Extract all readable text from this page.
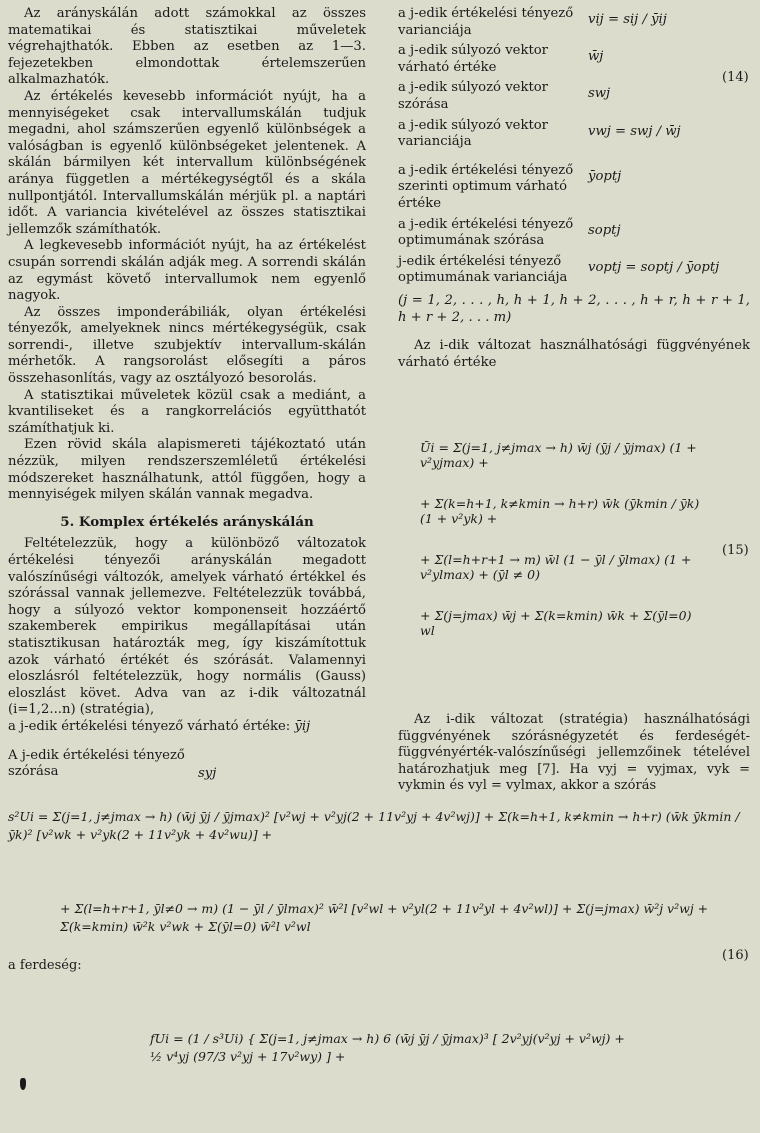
Az arányskálán adott számokkal az összes matematikai és statisztikai műveletek végrehajthatók. Ebben az esetben az 1—3. fejezetekben elmondottak értelemszerűen alkalmazhatók.

Az értékelés kevesebb információt nyújt, ha a mennyiségeket csak intervallumskálán tudjuk megadni, ahol számszerűen egyenlő különbségek a valóságban is egyenlő különbségeket jelentenek. A skálán bármilyen két intervallum különbségének aránya független a mértékegységtől és a skála nullpontjától. Intervallumskálán mérjük pl. a naptári időt. A variancia kivételével az összes statisztikai jellemzők számíthatók.

A legkevesebb információt nyújt, ha az értékelést csupán sorrendi skálán adják meg. A sorrendi skálán az egymást követő intervallumok nem egyenlő nagyok.

Az összes imponderábiliák, olyan értékelési tényezők, amelyeknek nincs mértékegységük, csak sorrendi-, illetve szubjektív intervallum-skálán mérhetők. A rangsorolást elősegíti a páros összehasonlítás, vagy az osztályozó besorolás.

A statisztikai műveletek közül csak a mediánt, a kvantiliseket és a rangkorrelációs együtthatót számíthatjuk ki.

Ezen rövid skála alapismereti tájékoztató után nézzük, milyen rendszerszemléletű értékelési módszereket használhatunk, attól függően, hogy a mennyiségek milyen skálán vannak megadva.

5. Komplex értékelés arányskálán

Feltételezzük, hogy a különböző változatok értékelési tényezői arányskálán megadott valószínűségi változók, amelyek várható értékkel és szórással vannak jellemezve. Feltételezzük továbbá, hogy a súlyozó vektor komponenseit hozzáértő szakemberek empirikus megállapításai után statisztikusan határozták meg, így kiszámítottuk azok várható értékét és szórását. Valamennyi eloszlásról feltételezzük, hogy normális (Gauss) eloszlást követ. Adva van az i-dik változatnál (i=1,2...n) (stratégia),

a j-edik értékelési tényező várható értéke: ȳij

A j-edik értékelési tényező szórása	syj
a j-edik értékelési tényező varianciája
vij = sij / ȳij
a j-edik súlyozó vektor várható értéke
w̄j
a j-edik súlyozó vektor szórása
swj
a j-edik súlyozó vektor varianciája
vwj = swj / w̄j
a j-edik értékelési tényező szerinti optimum várható értéke
ȳoptj
a j-edik értékelési tényező optimumának szórása
soptj
j-edik értékelési tényező optimumának varianciája
voptj = soptj / ȳoptj

(j = 1, 2, . . . , h, h + 1, h + 2, . . . , h + r, h + r + 1, h + r + 2, . . . m)

Az i-dik változat használhatósági függvényének várható értéke

(14)
Ūi = Σ(j=1, j≠jmax → h) w̄j (ȳj / ȳjmax) (1 + v²yjmax) +
+ Σ(k=h+1, k≠kmin → h+r) w̄k (ȳkmin / ȳk) (1 + v²yk) +
+ Σ(l=h+r+1 → m) w̄l (1 − ȳl / ȳlmax) (1 + v²ylmax) + (ȳl ≠ 0)
+ Σ(j=jmax) w̄j + Σ(k=kmin) w̄k + Σ(ȳl=0) wl
(15)

Az i-dik változat (stratégia) használhatósági függvényének szórásnégyzetét és ferdeségét-függvényérték-valószínűségi jellemzőinek tételével határozhatjuk meg [7]. Ha vyj = vyjmax, vyk = vykmin és vyl = vylmax, akkor a szórás

s²Ui = Σ(j=1, j≠jmax → h) (w̄j ȳj / ȳjmax)² [v²wj + v²yj(2 + 11v²yj + 4v²wj)] + Σ(k=h+1, k≠kmin → h+r) (w̄k ȳkmin / ȳk)² [v²wk + v²yk(2 + 11v²yk + 4v²wu)] +
+ Σ(l=h+r+1, ȳl≠0 → m) (1 − ȳl / ȳlmax)² w̄²l [v²wl + v²yl(2 + 11v²yl + 4v²wl)] + Σ(j=jmax) w̄²j v²wj + Σ(k=kmin) w̄²k v²wk + Σ(ȳl=0) w̄²l v²wl
a ferdeség:
(16)
fUi = (1 / s³Ui) { Σ(j=1, j≠jmax → h) 6 (w̄j ȳj / ȳjmax)³ [ 2v²yj(v²yj + v²wj) + ½ v⁴yj (97/3 v²yj + 17v²wy) ] +
